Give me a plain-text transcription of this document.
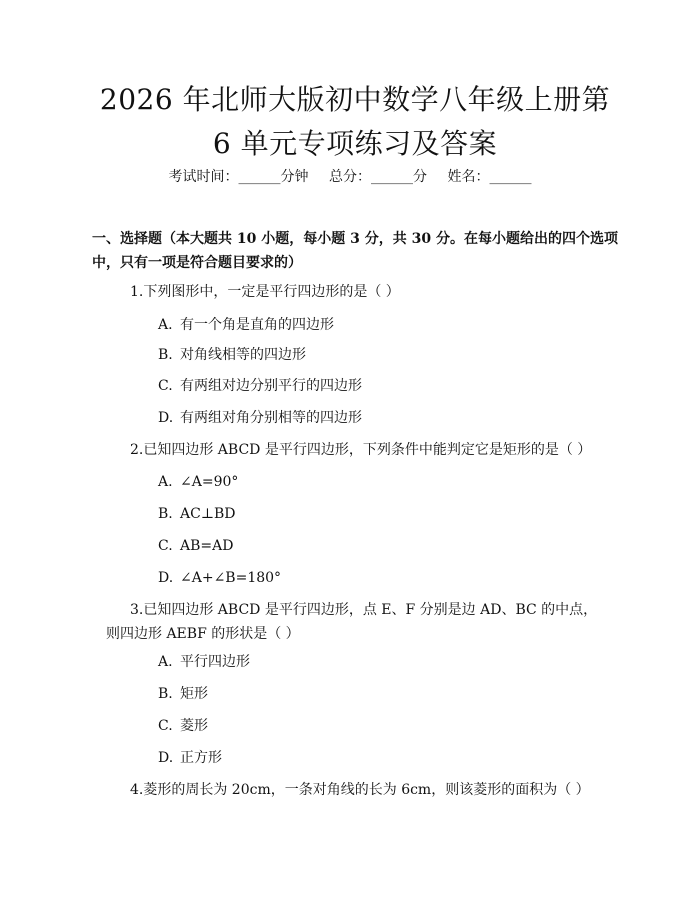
2026 年北师大版初中数学八年级上册第 6 单元专项练习及答案
考试时间：______分钟 总分：______分 姓名：______
一、选择题（本大题共 10 小题，每小题 3 分，共 30 分。在每小题给出的四个选项中，只有一项是符合题目要求的）
1.下列图形中，一定是平行四边形的是（ ）
A. 有一个角是直角的四边形
B. 对角线相等的四边形
C. 有两组对边分别平行的四边形
D. 有两组对角分别相等的四边形
2.已知四边形 ABCD 是平行四边形，下列条件中能判定它是矩形的是（ ）
A. ∠A=90°
B. AC⊥BD
C. AB=AD
D. ∠A+∠B=180°
3.已知四边形 ABCD 是平行四边形，点 E、F 分别是边 AD、BC 的中点，则四边形 AEBF 的形状是（ ）
A. 平行四边形
B. 矩形
C. 菱形
D. 正方形
4.菱形的周长为 20cm，一条对角线的长为 6cm，则该菱形的面积为（ ）
